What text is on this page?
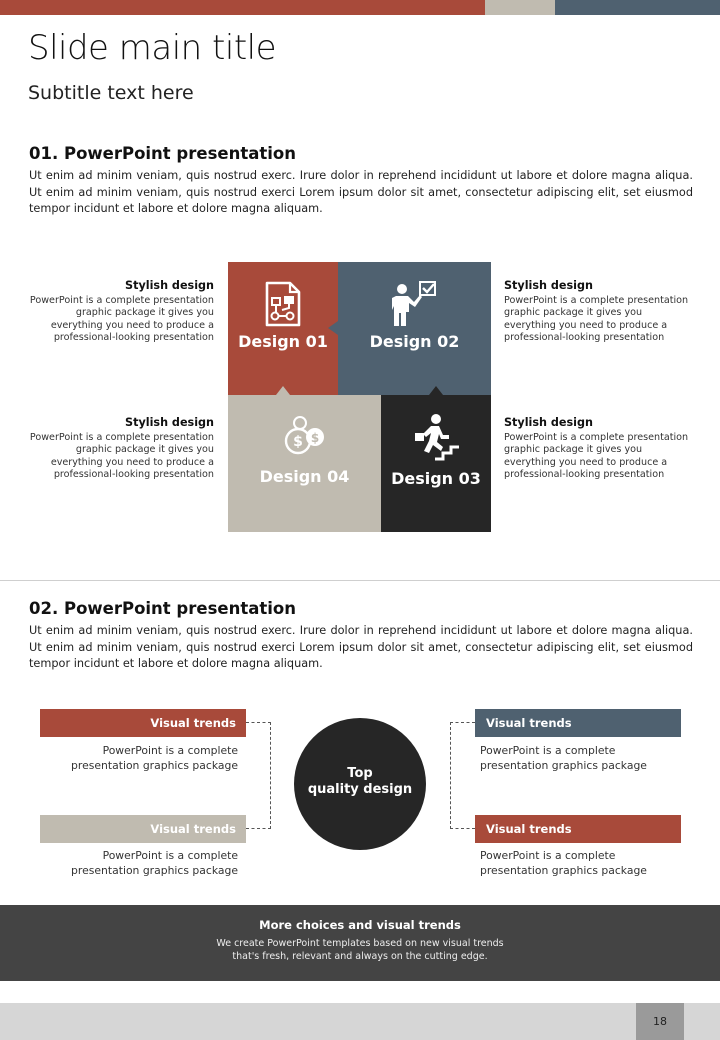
Slide main title
Subtitle text here
01. PowerPoint presentation
Ut enim ad minim veniam, quis nostrud exerc. Irure dolor in reprehend incididunt ut labore et dolore magna aliqua. Ut enim ad minim veniam, quis nostrud exerci Lorem ipsum dolor sit amet, consectetur adipiscing elit, set eiusmod tempor incidunt et labore et dolore magna aliquam.
Stylish design
PowerPoint is a complete presentation graphic package it gives you everything you need to produce a professional-looking presentation
Stylish design
PowerPoint is a complete presentation graphic package it gives you everything you need to produce a professional-looking presentation
Stylish design
PowerPoint is a complete presentation graphic package it gives you everything you need to produce a professional-looking presentation
Stylish design
PowerPoint is a complete presentation graphic package it gives you everything you need to produce a professional-looking presentation
Design 01	Design 02
$ $
Design 04	Design 03
02. PowerPoint presentation
Ut enim ad minim veniam, quis nostrud exerc. Irure dolor in reprehend incididunt ut labore et dolore magna aliqua. Ut enim ad minim veniam, quis nostrud exerci Lorem ipsum dolor sit amet, consectetur adipiscing elit, set eiusmod tempor incidunt et labore et dolore magna aliquam.
Visual trends
PowerPoint is a complete presentation graphics package
Visual trends
PowerPoint is a complete presentation graphics package
Visual trends
PowerPoint is a complete presentation graphics package
Visual trends
PowerPoint is a complete presentation graphics package
Top
quality design
More choices and visual trends
We create PowerPoint templates based on new visual trends
that's fresh, relevant and always on the cutting edge.
18
